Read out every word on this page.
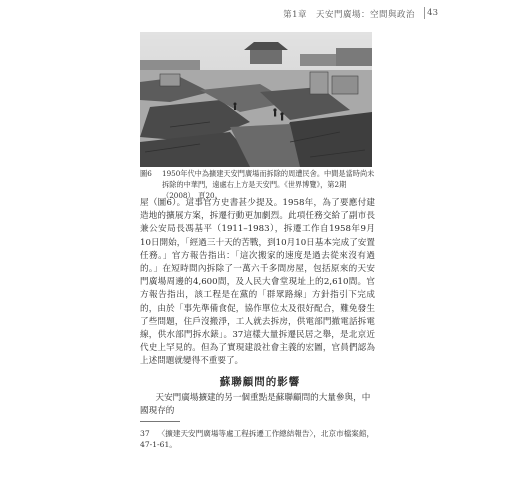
第1章　天安門廣場：空間與政治 43
圖6 1950年代中為擴建天安門廣場而拆除的周遭民舍。中間是當時尚未拆除的中華門，遠處右上方是天安門。《世界博覽》，第2期（2008），頁20。

屋（圖6）。這事官方史書甚少提及。1958年，為了要應付建造地的擴展方案，拆遷行動更加劇烈。此項任務交給了副市長兼公安局長馮基平（1911–1983），拆遷工作自1958年9月10日開始，「經過三十天的苦戰，到10月10日基本完成了安置任務。」官方報告指出：「這次搬家的速度是過去從來沒有過的。」在短時間內拆除了一萬六千多間房屋，包括原來的天安門廣場周邊的4,600間，及人民大會堂現址上的2,610間。官方報告指出，該工程是在黨的「群眾路線」方針指引下完成的，由於「事先準備食促，協作單位太及很好配合，難免發生了些問題，住戶沒搬淨，工人就去拆房，供電部門撤電話拆電線，供水部門拆水錶」。37這樣大量拆遷民居之舉，是北京近代史上罕見的。但為了實現建設社會主義的宏圖，官員們認為上述問題就變得不重要了。

蘇聯顧問的影響
天安門廣場擴建的另一個重點是蘇聯顧問的大量參與，中國現存的
37 〈擴建天安門廣場等處工程拆遷工作總結報告〉，北京市檔案館，47-1-61。
